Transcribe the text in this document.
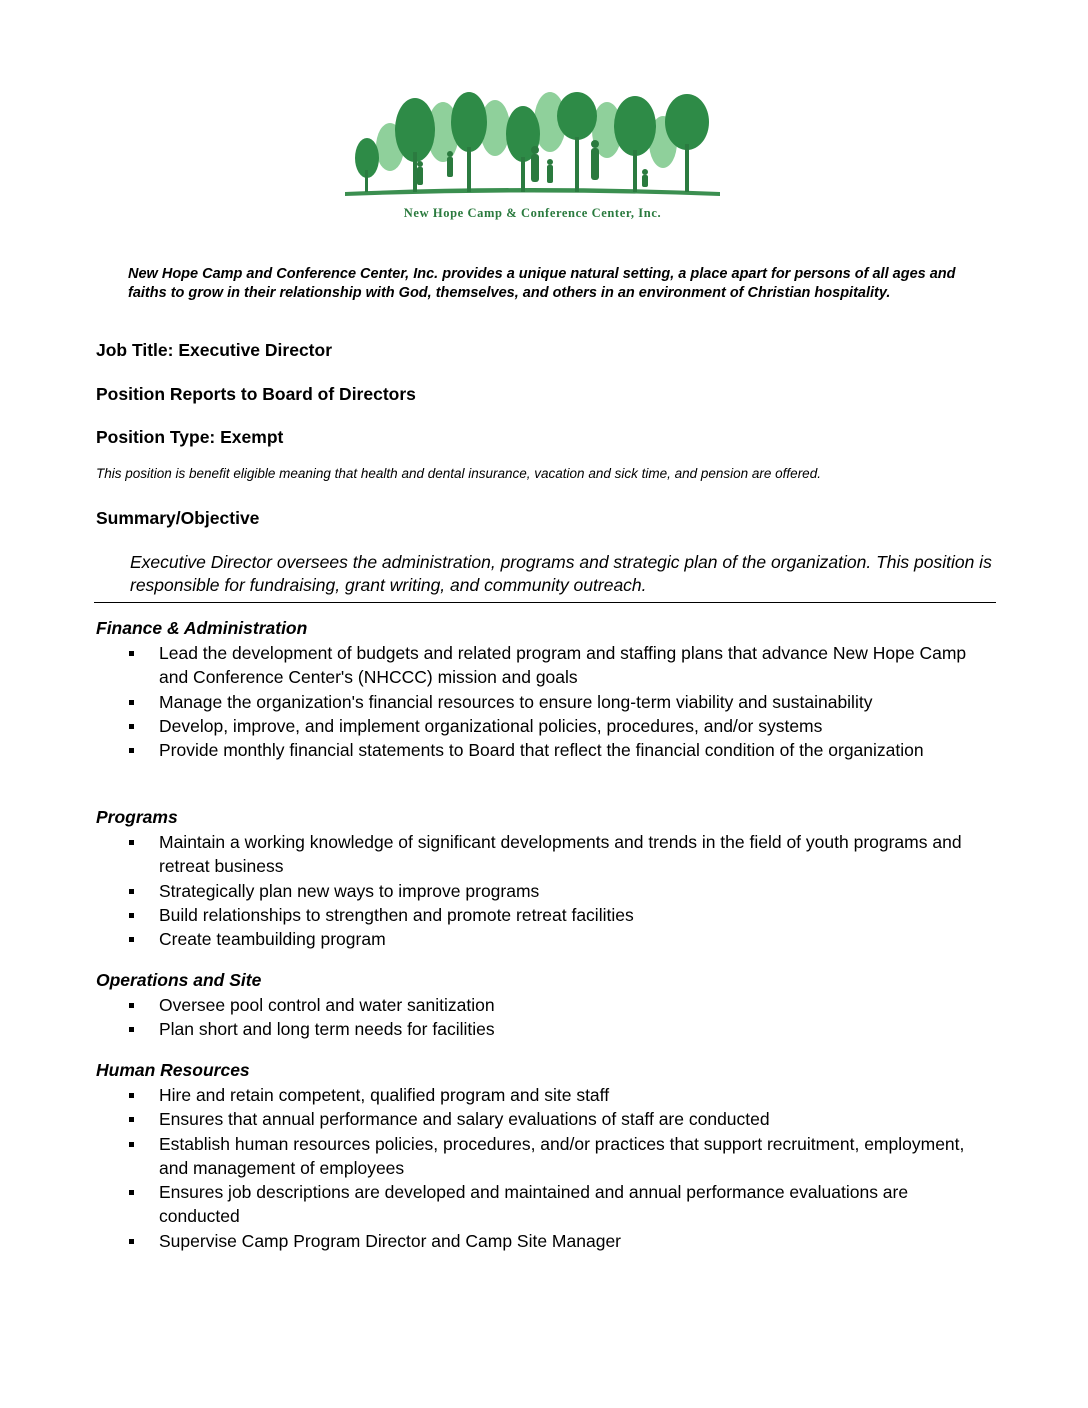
New Hope Camp & Conference Center, Inc.
New Hope Camp and Conference Center, Inc. provides a unique natural setting, a place apart for persons of all ages and faiths to grow in their relationship with God, themselves, and others in an environment of Christian hospitality.
Job Title: Executive Director
Position Reports to Board of Directors
Position Type: Exempt
This position is benefit eligible meaning that health and dental insurance, vacation and sick time, and pension are offered.
Summary/Objective
Executive Director oversees the administration, programs and strategic plan of the organization. This position is responsible for fundraising, grant writing, and community outreach.
Finance & Administration
Lead the development of budgets and related program and staffing plans that advance New Hope Camp and Conference Center's (NHCCC) mission and goals
Manage the organization's financial resources to ensure long-term viability and sustainability
Develop, improve, and implement organizational policies, procedures, and/or systems
Provide monthly financial statements to Board that reflect the financial condition of the organization
Programs
Maintain a working knowledge of significant developments and trends in the field of youth programs and retreat business
Strategically plan new ways to improve programs
Build relationships to strengthen and promote retreat facilities
Create teambuilding program
Operations and Site
Oversee pool control and water sanitization
Plan short and long term needs for facilities
Human Resources
Hire and retain competent, qualified program and site staff
Ensures that annual performance and salary evaluations of staff are conducted
Establish human resources policies, procedures, and/or practices that support recruitment, employment, and management of employees
Ensures job descriptions are developed and maintained and annual performance evaluations are conducted
Supervise Camp Program Director and Camp Site Manager
